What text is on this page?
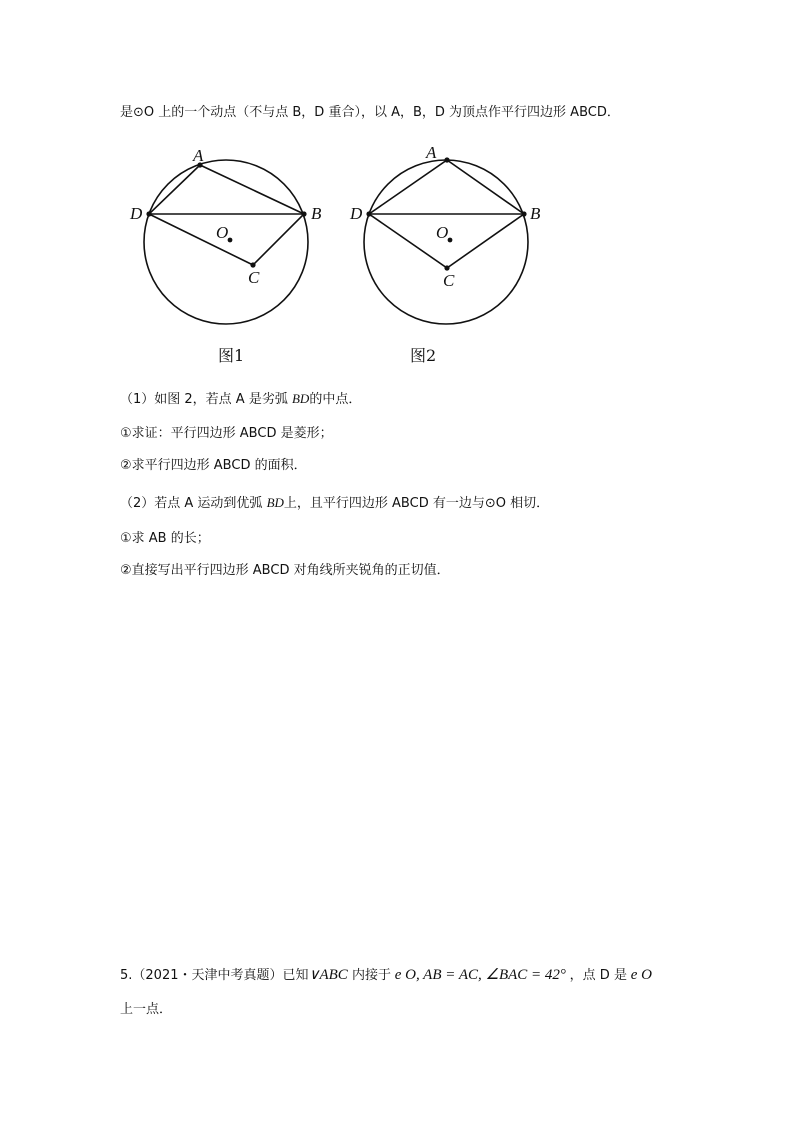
是⊙O 上的一个动点（不与点 B，D 重合），以 A，B，D 为顶点作平行四边形 ABCD．
A
B
C
D
O
图1
A
B
C
D
O
图2
（1）如图 2，若点 A 是劣弧 BD的中点．
①求证：平行四边形 ABCD 是菱形；
②求平行四边形 ABCD 的面积．
（2）若点 A 运动到优弧 BD上，且平行四边形 ABCD 有一边与⊙O 相切．
①求 AB 的长；
②直接写出平行四边形 ABCD 对角线所夹锐角的正切值．
5.（2021・天津中考真题）已知∨ABC 内接于 e O, AB = AC, ∠BAC = 42° ，点 D 是 e O
上一点．
